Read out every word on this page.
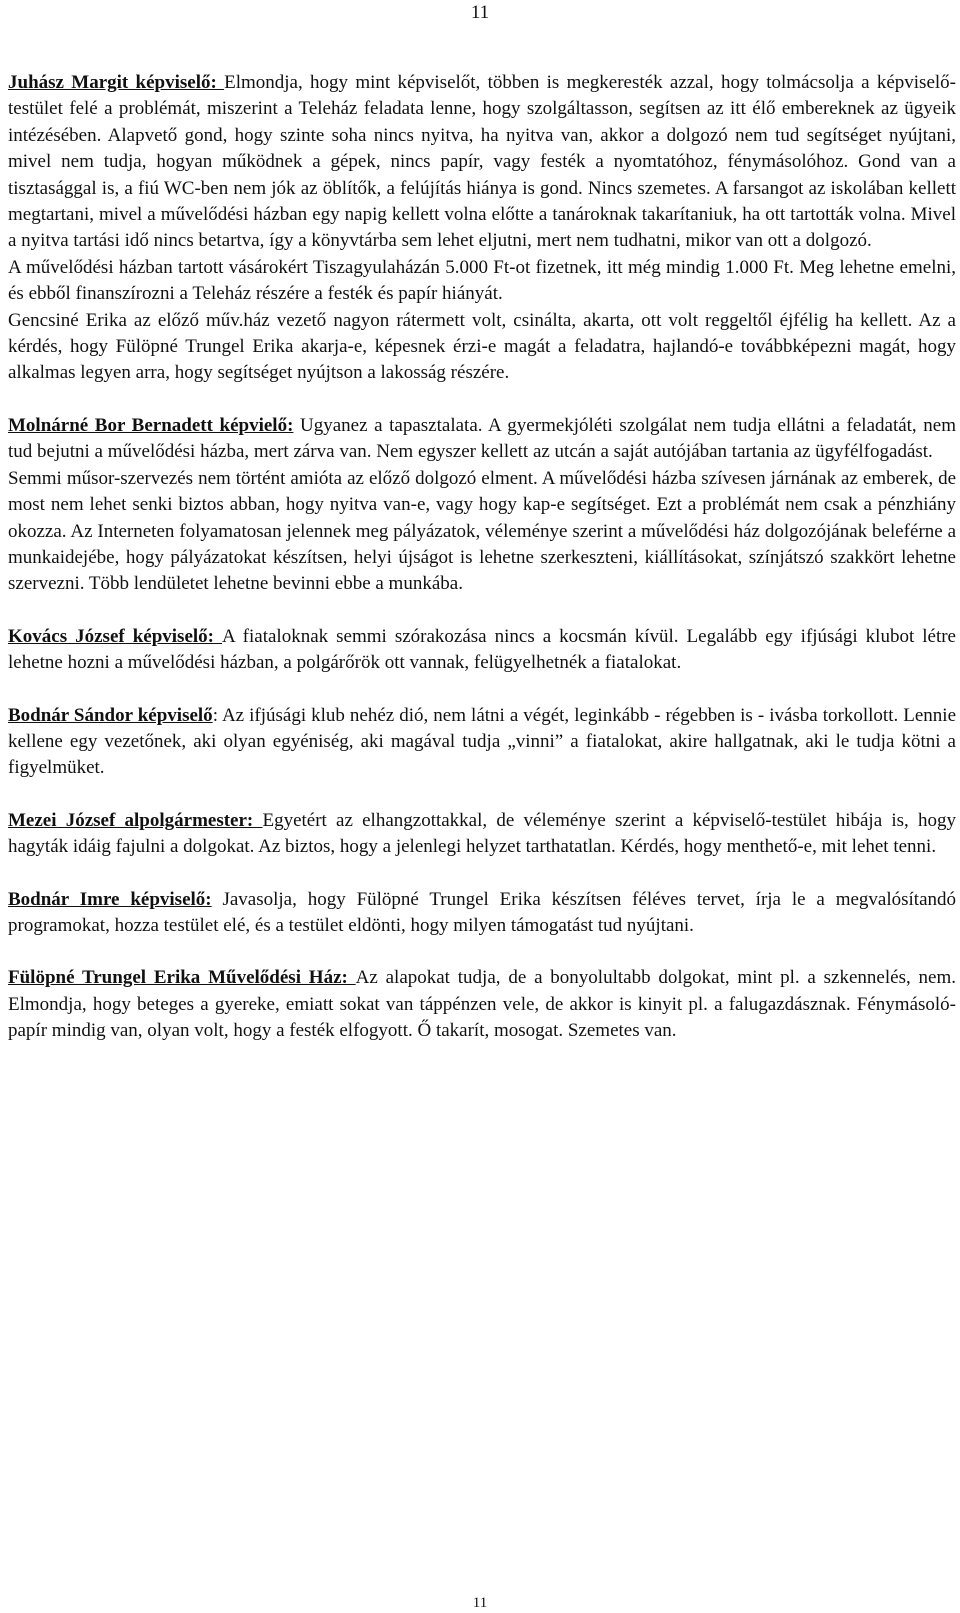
11

Juhász Margit képviselő: Elmondja, hogy mint képviselőt, többen is megkeresték azzal, hogy tolmácsolja a képviselő-testület felé a problémát, miszerint a Teleház feladata lenne, hogy szolgáltasson, segítsen az itt élő embereknek az ügyeik intézésében. Alapvető gond, hogy szinte soha nincs nyitva, ha nyitva van, akkor a dolgozó nem tud segítséget nyújtani, mivel nem tudja, hogyan működnek a gépek, nincs papír, vagy festék a nyomtatóhoz, fénymásolóhoz. Gond van a tisztasággal is, a fiú WC-ben nem jók az öblítők, a felújítás hiánya is gond. Nincs szemetes. A farsangot az iskolában kellett megtartani, mivel a művelődési házban egy napig kellett volna előtte a tanároknak takarítaniuk, ha ott tartották volna. Mivel a nyitva tartási idő nincs betartva, így a könyvtárba sem lehet eljutni, mert nem tudhatni, mikor van ott a dolgozó.

A művelődési házban tartott vásárokért Tiszagyulaházán 5.000 Ft-ot fizetnek, itt még mindig 1.000 Ft. Meg lehetne emelni, és ebből finanszírozni a Teleház részére a festék és papír hiányát.

Gencsiné Erika az előző műv.ház vezető nagyon rátermett volt, csinálta, akarta, ott volt reggeltől éjfélig ha kellett. Az a kérdés, hogy Fülöpné Trungel Erika akarja-e, képesnek érzi-e magát a feladatra, hajlandó-e továbbképezni magát, hogy alkalmas legyen arra, hogy segítséget nyújtson a lakosság részére.

Molnárné Bor Bernadett képvielő: Ugyanez a tapasztalata. A gyermekjóléti szolgálat nem tudja ellátni a feladatát, nem tud bejutni a művelődési házba, mert zárva van. Nem egyszer kellett az utcán a saját autójában tartania az ügyfélfogadást.

Semmi műsor-szervezés nem történt amióta az előző dolgozó elment. A művelődési házba szívesen járnának az emberek, de most nem lehet senki biztos abban, hogy nyitva van-e, vagy hogy kap-e segítséget. Ezt a problémát nem csak a pénzhiány okozza. Az Interneten folyamatosan jelennek meg pályázatok, véleménye szerint a művelődési ház dolgozójának beleférne a munkaidejébe, hogy pályázatokat készítsen, helyi újságot is lehetne szerkeszteni, kiállításokat, színjátszó szakkört lehetne szervezni. Több lendületet lehetne bevinni ebbe a munkába.

Kovács József képviselő: A fiataloknak semmi szórakozása nincs a kocsmán kívül. Legalább egy ifjúsági klubot létre lehetne hozni a művelődési házban, a polgárőrök ott vannak, felügyelhetnék a fiatalokat.

Bodnár Sándor képviselő: Az ifjúsági klub nehéz dió, nem látni a végét, leginkább - régebben is - ivásba torkollott. Lennie kellene egy vezetőnek, aki olyan egyéniség, aki magával tudja „vinni” a fiatalokat, akire hallgatnak, aki le tudja kötni a figyelmüket.

Mezei József alpolgármester: Egyetért az elhangzottakkal, de véleménye szerint a képviselő-testület hibája is, hogy hagyták idáig fajulni a dolgokat. Az biztos, hogy a jelenlegi helyzet tarthatatlan. Kérdés, hogy menthető-e, mit lehet tenni.

Bodnár Imre képviselő: Javasolja, hogy Fülöpné Trungel Erika készítsen féléves tervet, írja le a megvalósítandó programokat, hozza testület elé, és a testület eldönti, hogy milyen támogatást tud nyújtani.

Fülöpné Trungel Erika Művelődési Ház: Az alapokat tudja, de a bonyolultabb dolgokat, mint pl. a szkennelés, nem. Elmondja, hogy beteges a gyereke, emiatt sokat van táppénzen vele, de akkor is kinyit pl. a falugazdásznak. Fénymásoló-papír mindig van, olyan volt, hogy a festék elfogyott. Ő takarít, mosogat. Szemetes van.

11
